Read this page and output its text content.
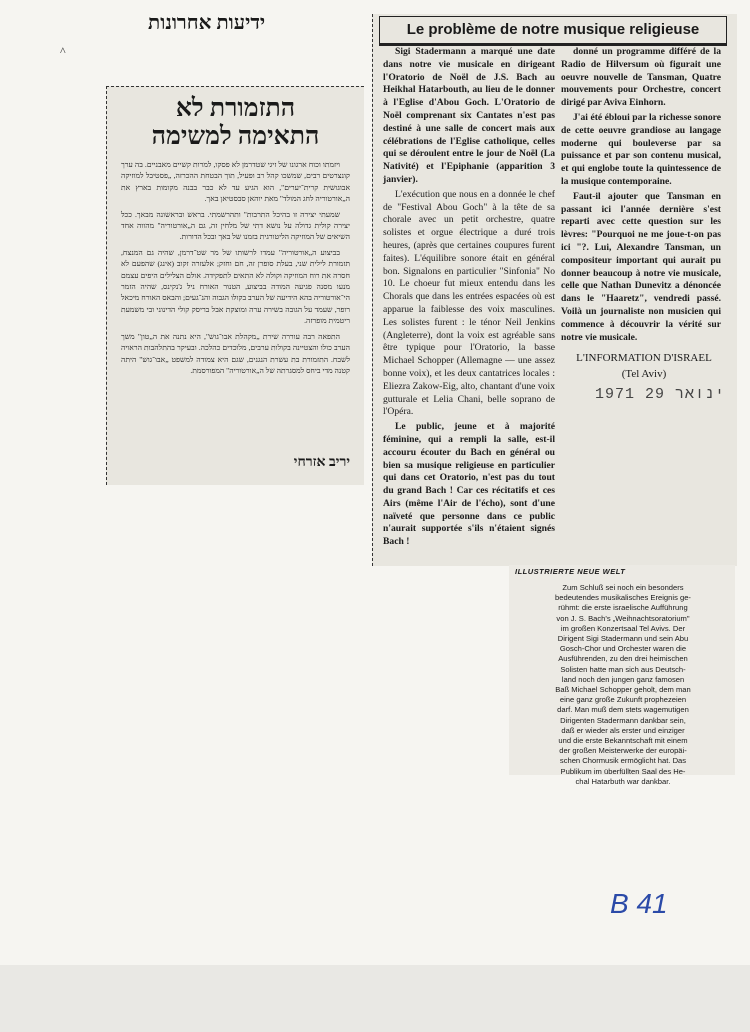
^
ידיעות אחרונות
התזמורת לא
התאימה למשימה

ויזמתו וכוח ארגונו של זיגי שטדרמן לא פסקו, למרות קשיים מאבניים. בה ערך קונצרטים רבים, שמשכו קהל רב ופעיל, תוך הבטחת ההכרזה, „פסטיבל למוזיקה אבוגושית קרית־יערים", הוא הגיע עד לא כבר בבנה מקומות בארץ את ה„אורטוריה לחג המולד" מאת יוהאן סבסטיאן באך.

שמעתי יצירה זו בהיכל התרבות" ותהרשמתי. בראש ובראשונה מבאך. ככל יצירה קולית גדולה על נושא דתי של מלחין זה, גם ה„אורטוריה" מהווה אחד השיאים של המוזיקה הליטורגית בזמנו של באך ובכל הדורות.

בביצוע ה„אורטוריה" עמדו לרשותו של מר שט־דרמן, שהיה גם המנצח, תזמורת לילית שני, בעלת סופרן זה, חם וחזק; אלעזרה זקוב (אינג) שהפעם לא חסרה את רוח המוזיקה וקולה לא התאים לתפקידה. אולם הצלילים היפים עצמם מנעו מסנה פגיעה המודה בביצוע, הטנור האורח ניל ג'נקינס, שהיה הזמר הי־אורטוריה בהא הידיעה של הערב בקולו הגבוה והנ־געים; והבאס האורח מיכאל רופר, שעמד על הגובה בשירה ערה ומוצקת אבל בריסק קולי הדינוני ובי משמעת ריטמית מופרזה.

התפאה רבה עוררה שירת „מקהלת אבו־גוש", היא נתנה את ה„טון" משך הערב כולו והצטיינה בקולות ערבים, מלוכדים כהלכה. ובעיקר בהתלהבות הראויה לשבח. התזמורת בת עשרת הנגנים, שגם היא צמודה למשפט „אבו־גוש" היתה קטנה מדי ביחס למסגרתה של ה„אורטוריה" המפורסמת.

יריב אזרחי
Le problème de notre musique religieuse

Sigi Stadermann a marqué une date dans notre vie musicale en dirigeant l'Oratorio de Noël de J.S. Bach au Heikhal Hatarbouth, au lieu de le donner à l'Eglise d'Abou Goch. L'Oratorio de Noël comprenant six Cantates n'est pas destiné à une salle de concert mais aux célébrations de l'Eglise catholique, celles qui se déroulent entre le jour de Noël (La Nativité) et l'Epiphanie (apparition 3 janvier).

L'exécution que nous en a donnée le chef de "Festival Abou Goch" à la tête de sa chorale avec un petit orchestre, quatre solistes et orgue électrique a duré trois heures, (après que certaines coupures furent faites). L'équilibre sonore était en général bon. Signalons en particulier "Sinfonia" No 10. Le choeur fut mieux entendu dans les Chorals que dans les entrées espacées où est apparue la faiblesse des voix masculines. Les solistes furent : le ténor Neil Jenkins (Angleterre), dont la voix est agréable sans être typique pour l'Oratorio, la basse Michael Schopper (Allemagne — une assez bonne voix), et les deux cantatrices locales : Eliezra Zakow-Eig, alto, chantant d'une voix gutturale et Lelia Chani, belle soprano de l'Opéra.

Le public, jeune et à majorité féminine, qui a rempli la salle, est-il accouru écouter du Bach en général ou bien sa musique religieuse en particulier qui dans cet Oratorio, n'est pas du tout du grand Bach ! Car ces récitatifs et ces Airs (même l'Air de l'écho), sont d'une naïveté que personne dans ce public n'aurait supportée s'ils n'étaient signés Bach !

donné un programme différé de la Radio de Hilversum où figurait une oeuvre nouvelle de Tansman, Quatre mouvements pour Orchestre, concert dirigé par Aviva Einhorn.

J'ai été ébloui par la richesse sonore de cette oeuvre grandiose au langage moderne qui bouleverse par sa puissance et par son contenu musical, et qui englobe toute la quintessence de la musique contemporaine.

Faut-il ajouter que Tansman en passant ici l'année dernière s'est reparti avec cette question sur les lèvres: "Pourquoi ne me joue-t-on pas ici "?. Lui, Alexandre Tansman, un compositeur important qui aurait pu donner beaucoup à notre vie musicale, celle que Nathan Dunevitz a dénoncée dans le "Haaretz", vendredi passé. Voilà un journaliste non musicien qui commence à découvrir la vérité sur notre vie musicale.

L'INFORMATION D'ISRAEL
(Tel Aviv)
1971 ינואר 29
ILLUSTRIERTE NEUE WELT

Zum Schluß sei noch ein besonders

bedeutendes musikalisches Ereignis ge-

rühmt: die erste israelische Aufführung

von J. S. Bach's „Weihnachtsoratorium"

im großen Konzertsaal Tel Avivs. Der

Dirigent Sigi Stadermann und sein Abu

Gosch-Chor und Orchester waren die

Ausführenden, zu den drei heimischen

Solisten hatte man sich aus Deutsch-

land noch den jungen ganz famosen

Baß Michael Schopper geholt, dem man

eine ganz große Zukunft prophezeien

darf. Man muß dem stets wagemutigen

Dirigenten Stadermann dankbar sein,

daß er wieder als erster und einziger

und die erste Bekanntschaft mit einem

der großen Meisterwerke der europäi-

schen Chormusik ermöglicht hat. Das

Publikum im überfüllten Saal des He-

chal Hatarbuth war dankbar.

B 41
